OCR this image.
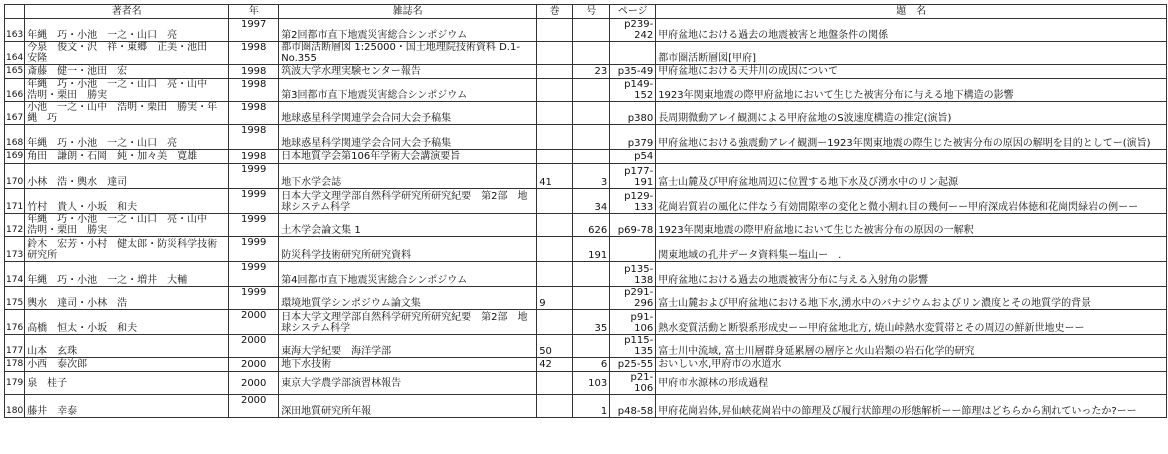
	著者名	年	雑誌名	巻	号	ページ	題　名
163	年縄　巧・小池　一之・山口　亮	1997	第2回都市直下地震災害総合シンポジウム			p239-242	甲府盆地における過去の地震被害と地盤条件の関係
164	今泉　俊文・沢　祥・東郷　正美・池田　安隆	1998	都市圏活断層図 1:25000・国土地理院技術資料 D.1-No.355				都市圏活断層図[甲府]
165	斎藤　健一・池田　宏	1998	筑波大学水理実験センター報告		23	p35-49	甲府盆地における天井川の成因について
166	年縄　巧・小池　一之・山口　亮・山中　浩明・栗田　勝実	1998	第3回都市直下地震災害総合シンポジウム			p149-152	1923年関東地震の際甲府盆地において生じた被害分布に与える地下構造の影響
167	小池　一之・山中　浩明・栗田　勝実・年縄　巧	1998	地球惑星科学関連学会合同大会予稿集			p380	長周期微動アレイ観測による甲府盆地のS波速度構造の推定(演旨)
168	年縄　巧・小池　一之・山口　亮	1998	地球惑星科学関連学会合同大会予稿集			p379	甲府盆地における強震動アレイ観測ー1923年関東地震の際生じた被害分布の原因の解明を目的としてー(演旨)
169	角田　謙朗・石岡　純・加々美　寛雄	1998	日本地質学会第106年学術大会講演要旨			p54	
170	小林　浩・輿水　達司	1999	地下水学会誌	41	3	p177-191	富士山麓及び甲府盆地周辺に位置する地下水及び湧水中のリン起源
171	竹村　貴人・小坂　和夫	1999	日本大学文理学部自然科学研究所研究紀要　第2部　地球システム科学		34	p129-133	花崗岩質岩の風化に伴なう有効間隙率の変化と微小割れ目の幾何ーー甲府深成岩体徳和花崗閃緑岩の例ーー
172	年縄　巧・小池　一之・山口　亮・山中　浩明・栗田　勝実	1999	土木学会論文集 1		626	p69-78	1923年関東地震の際甲府盆地において生じた被害分布の原因の一解釈
173	鈴木　宏芳・小村　健太郎・防災科学技術研究所	1999	防災科学技術研究所研究資料		191		関東地域の孔井データ資料集ー塩山ー　.
174	年縄　巧・小池　一之・増井　大輔	1999	第4回都市直下地震災害総合シンポジウム			p135-138	甲府盆地における過去の地震被害分布に与える入射角の影響
175	輿水　達司・小林　浩	1999	環境地質学シンポジウム論文集	9		p291-296	富士山麓および甲府盆地における地下水,湧水中のバナジウムおよびリン濃度とその地質学的背景
176	高橋　恒太・小坂　和夫	2000	日本大学文理学部自然科学研究所研究紀要　第2部　地球システム科学		35	p91-106	熱水変質活動と断裂系形成史ーー甲府盆地北方, 焼山峠熱水変質帯とその周辺の鮮新世地史ーー
177	山本　玄珠	2000	東海大学紀要　海洋学部	50		p115-135	富士川中流域, 富士川層群身延累層の層序と火山岩類の岩石化学的研究
178	小西　泰次郎	2000	地下水技術	42	6	p25-55	おいしい水,甲府市の水道水
179	泉　桂子	2000	東京大学農学部演習林報告		103	p21-106	甲府市水源林の形成過程
180	藤井　幸泰	2000	深田地質研究所年報		1	p48-58	甲府花崗岩体,昇仙峡花崗岩中の節理及び履行状節理の形態解析ーー節理はどちらから割れていったか?ーー
